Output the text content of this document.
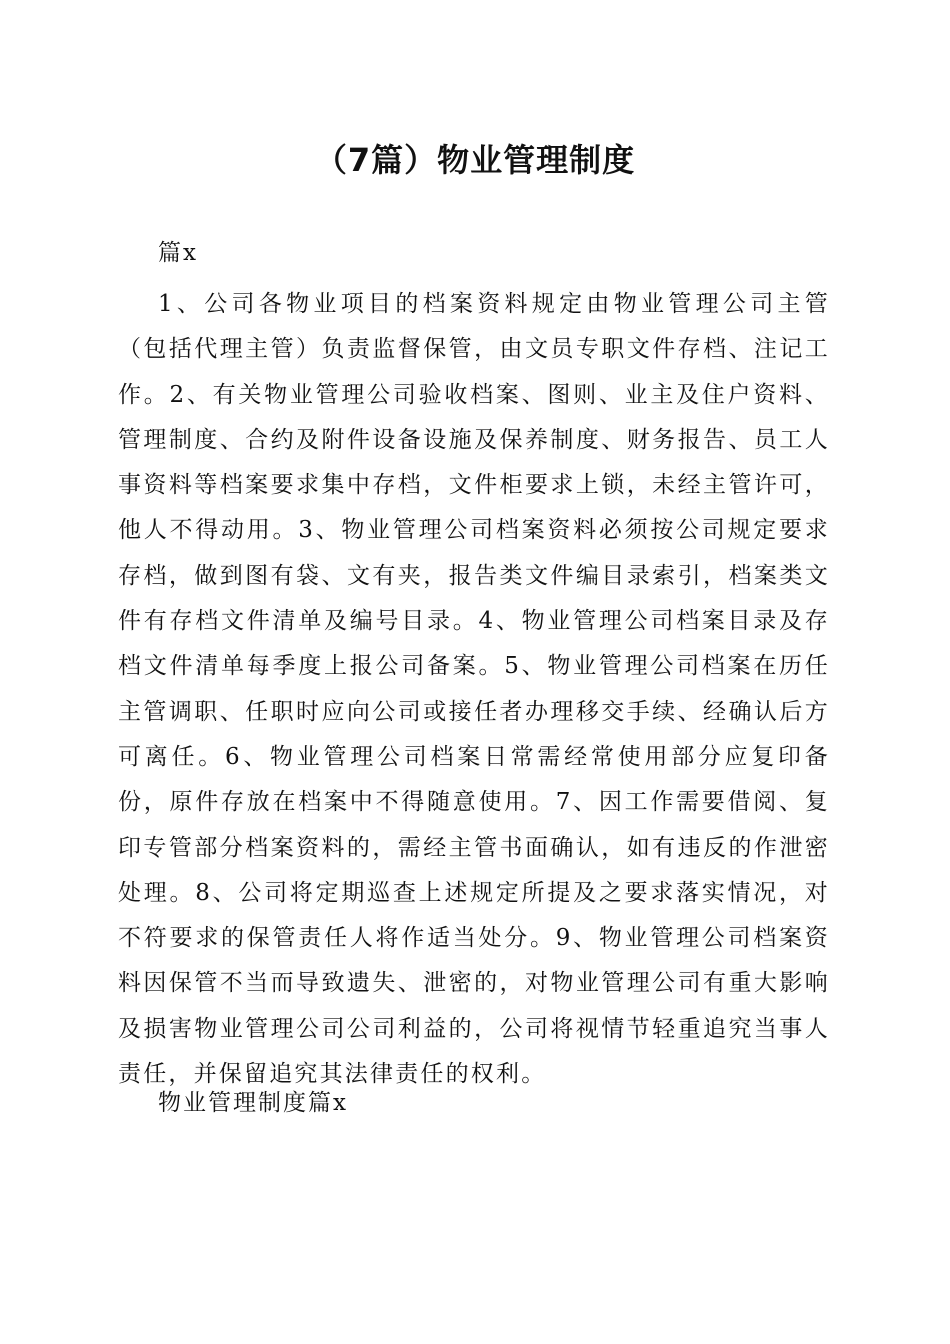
（7篇）物业管理制度

篇x

1、公司各物业项目的档案资料规定由物业管理公司主管（包括代理主管）负责监督保管，由文员专职文件存档、注记工作。2、有关物业管理公司验收档案、图则、业主及住户资料、管理制度、合约及附件设备设施及保养制度、财务报告、员工人事资料等档案要求集中存档，文件柜要求上锁，未经主管许可，他人不得动用。3、物业管理公司档案资料必须按公司规定要求存档，做到图有袋、文有夹，报告类文件编目录索引，档案类文件有存档文件清单及编号目录。4、物业管理公司档案目录及存档文件清单每季度上报公司备案。5、物业管理公司档案在历任主管调职、任职时应向公司或接任者办理移交手续、经确认后方可离任。6、物业管理公司档案日常需经常使用部分应复印备份，原件存放在档案中不得随意使用。7、因工作需要借阅、复印专管部分档案资料的，需经主管书面确认，如有违反的作泄密处理。8、公司将定期巡查上述规定所提及之要求落实情况，对不符要求的保管责任人将作适当处分。9、物业管理公司档案资料因保管不当而导致遗失、泄密的，对物业管理公司有重大影响及损害物业管理公司公司利益的，公司将视情节轻重追究当事人责任，并保留追究其法律责任的权利。

物业管理制度篇x
